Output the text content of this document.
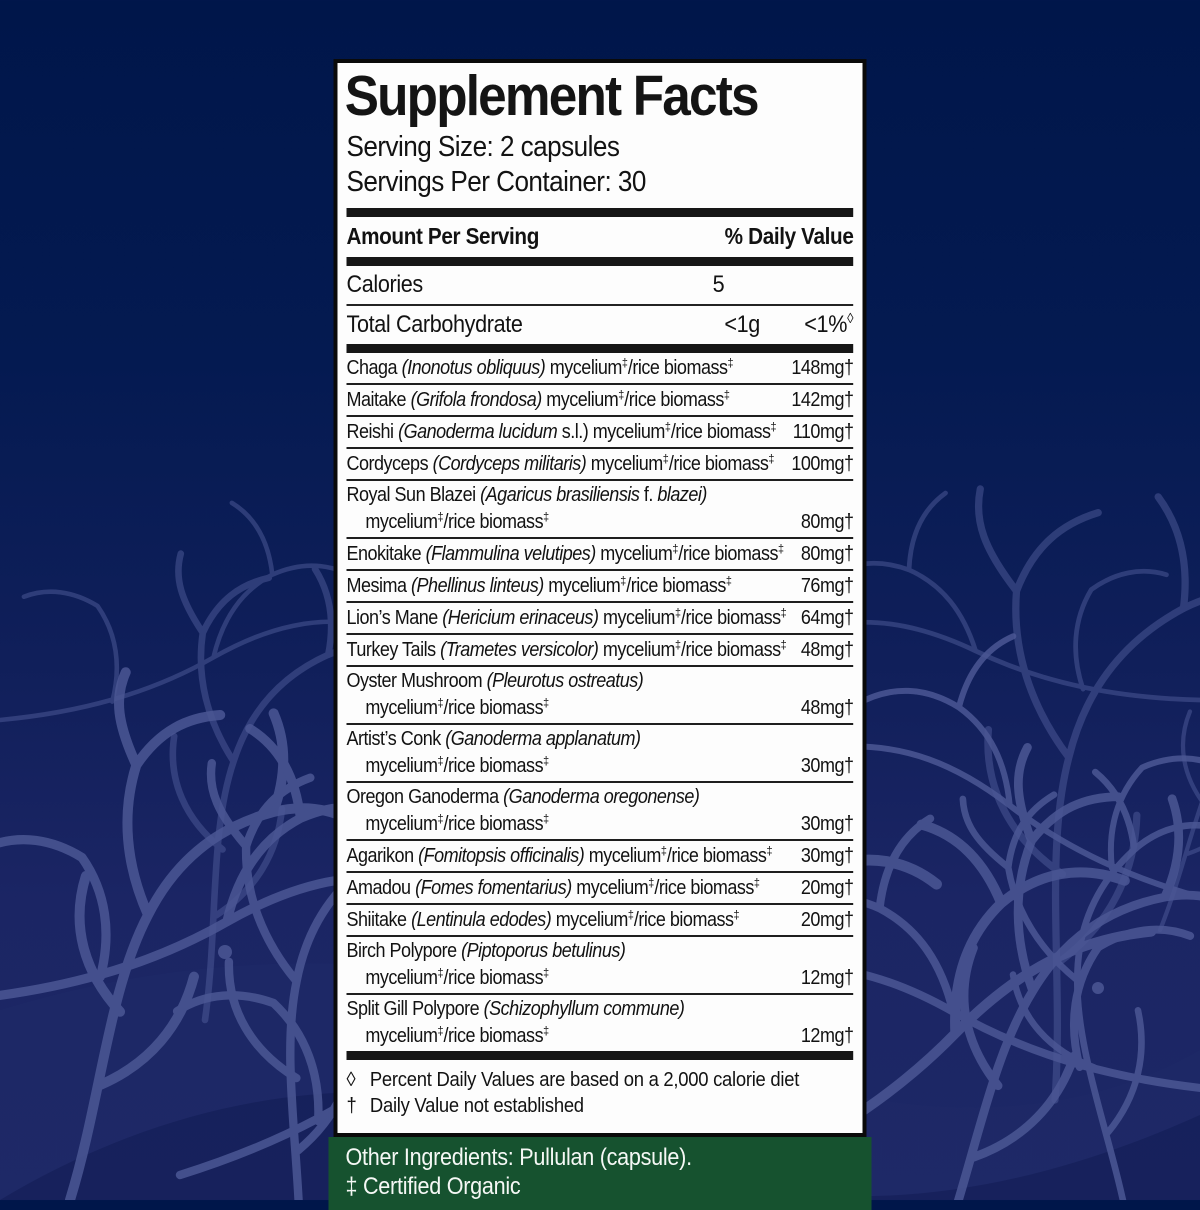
Supplement Facts
Serving Size: 2 capsules
Servings Per Container: 30
Amount Per Serving	% Daily Value
Calories	5
Total Carbohydrate	<1g	<1%◊
Chaga (Inonotus obliquus) mycelium‡/rice biomass‡	148mg†
Maitake (Grifola frondosa) mycelium‡/rice biomass‡	142mg†
Reishi (Ganoderma lucidum s.l.) mycelium‡/rice biomass‡ 110mg†
Cordyceps (Cordyceps militaris) mycelium‡/rice biomass‡ 100mg†
Royal Sun Blazei (Agaricus brasiliensis f. blazei)
mycelium‡/rice biomass‡	80mg†
Enokitake (Flammulina velutipes) mycelium‡/rice biomass‡ 80mg†
Mesima (Phellinus linteus) mycelium‡/rice biomass‡	76mg†
Lion’s Mane (Hericium erinaceus) mycelium‡/rice biomass‡ 64mg†
Turkey Tails (Trametes versicolor) mycelium‡/rice biomass‡ 48mg†
Oyster Mushroom (Pleurotus ostreatus)
mycelium‡/rice biomass‡	48mg†
Artist’s Conk (Ganoderma applanatum)
mycelium‡/rice biomass‡	30mg†
Oregon Ganoderma (Ganoderma oregonense)
mycelium‡/rice biomass‡	30mg†
Agarikon (Fomitopsis officinalis) mycelium‡/rice biomass‡ 30mg†
Amadou (Fomes fomentarius) mycelium‡/rice biomass‡ 20mg†
Shiitake (Lentinula edodes) mycelium‡/rice biomass‡	20mg†
Birch Polypore (Piptoporus betulinus)
mycelium‡/rice biomass‡	12mg†
Split Gill Polypore (Schizophyllum commune)
mycelium‡/rice biomass‡	12mg†
◊ Percent Daily Values are based on a 2,000 calorie diet
† Daily Value not established
Other Ingredients: Pullulan (capsule).
‡ Certified Organic
